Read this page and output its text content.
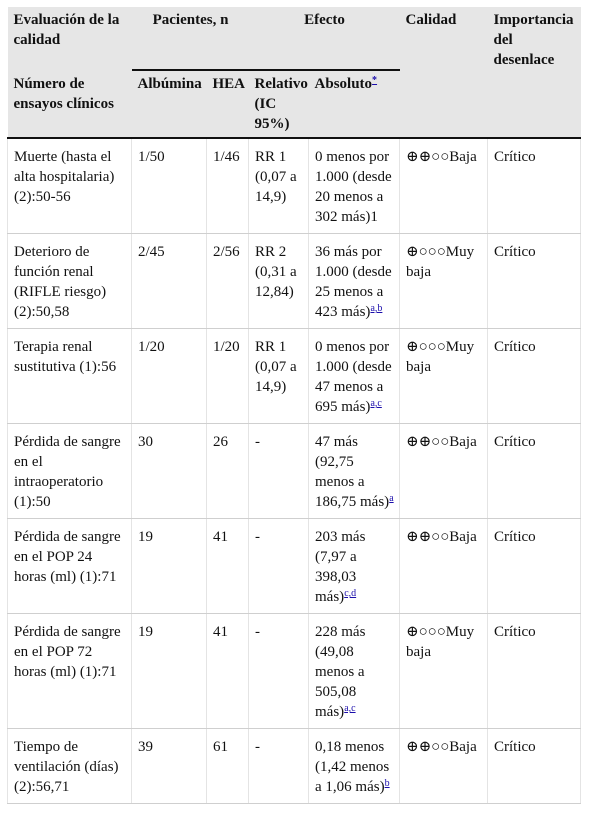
Evaluación de la calidad
Número de ensayos clínicos	Pacientes, n		Efecto		Calidad	Importancia del desenlace
	Albúmina	HEA	Relativo (IC 95%)	Absoluto*
Muerte (hasta el alta hospitalaria) (2):50-56	1/50	1/46	RR 1 (0,07 a 14,9)	0 menos por 1.000 (desde 20 menos a 302 más)1	⊕⊕○○Baja	Crítico
Deterioro de función renal (RIFLE riesgo) (2):50,58	2/45	2/56	RR 2 (0,31 a 12,84)	36 más por 1.000 (desde 25 menos a 423 más)$^{a,b}$	⊕○○○Muy baja	Crítico
Terapia renal sustitutiva (1):56	1/20	1/20	RR 1 (0,07 a 14,9)	0 menos por 1.000 (desde 47 menos a 695 más)$^{a,c}$	⊕○○○Muy baja	Crítico
Pérdida de sangre en el intraoperatorio (1):50	30	26	-	47 más (92,75 menos a 186,75 más)$^a$	⊕⊕○○Baja	Crítico
Pérdida de sangre en el POP 24 horas (ml) (1):71	19	41	-	203 más (7,97 a 398,03 más)$^{c,d}$	⊕⊕○○Baja	Crítico
Pérdida de sangre en el POP 72 horas (ml) (1):71	19	41	-	228 más (49,08 menos a 505,08 más)$^{a,c}$	⊕○○○Muy baja	Crítico
Tiempo de ventilación (días) (2):56,71	39	61	-	0,18 menos (1,42 menos a 1,06 más)$^b$	⊕⊕○○Baja	Crítico
